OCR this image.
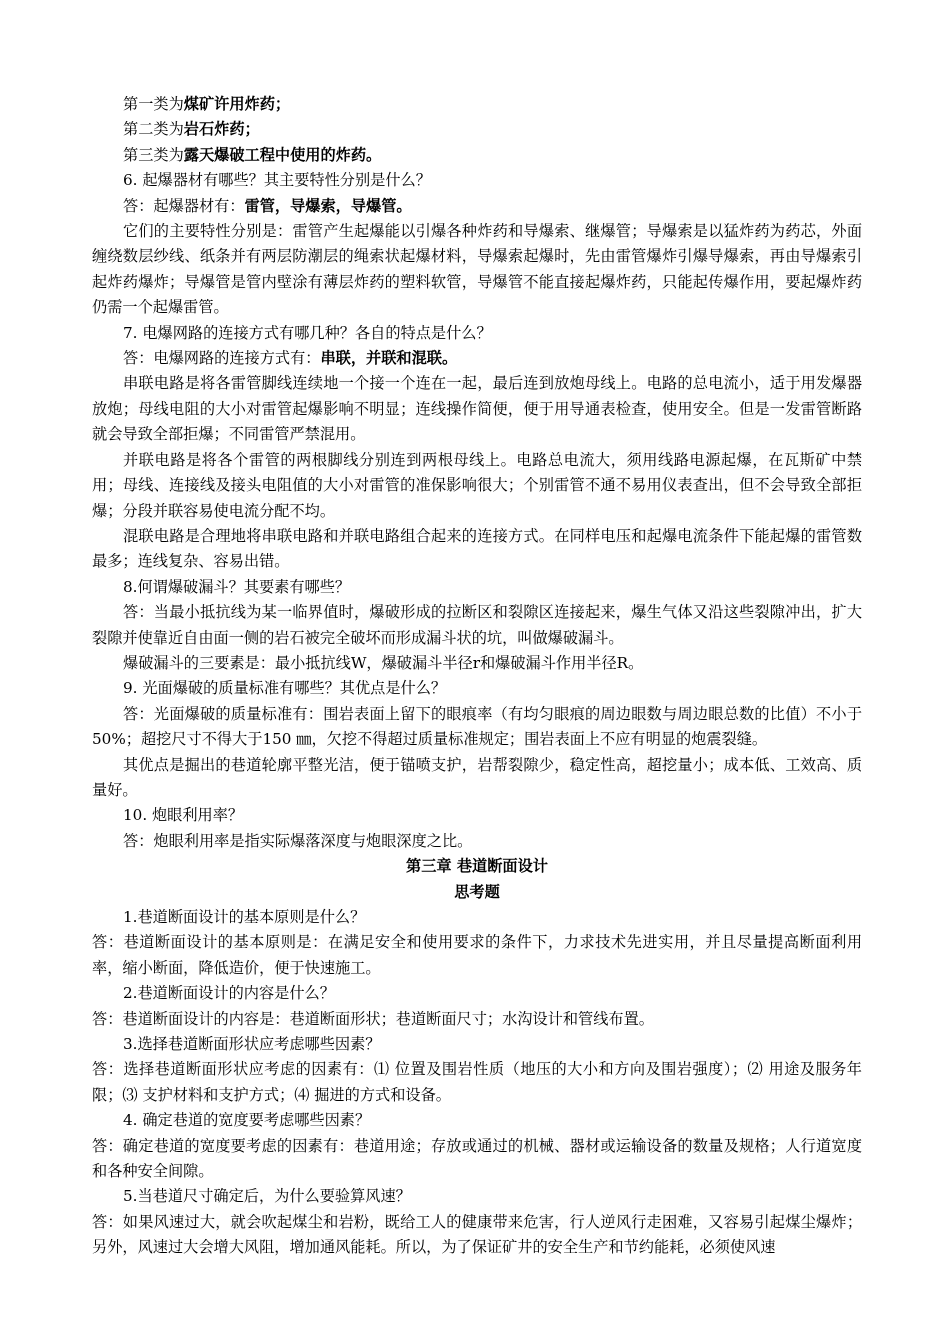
第一类为煤矿许用炸药；

第二类为岩石炸药；

第三类为露天爆破工程中使用的炸药。

6. 起爆器材有哪些？其主要特性分别是什么？

答：起爆器材有：雷管，导爆索，导爆管。

它们的主要特性分别是：雷管产生起爆能以引爆各种炸药和导爆索、继爆管；导爆索是以猛炸药为药芯，外面缠绕数层纱线、纸条并有两层防潮层的绳索状起爆材料，导爆索起爆时，先由雷管爆炸引爆导爆索，再由导爆索引起炸药爆炸；导爆管是管内壁涂有薄层炸药的塑料软管，导爆管不能直接起爆炸药，只能起传爆作用，要起爆炸药仍需一个起爆雷管。

7. 电爆网路的连接方式有哪几种？各自的特点是什么？

答：电爆网路的连接方式有：串联，并联和混联。

串联电路是将各雷管脚线连续地一个接一个连在一起，最后连到放炮母线上。电路的总电流小，适于用发爆器放炮；母线电阻的大小对雷管起爆影响不明显；连线操作简便，便于用导通表检查，使用安全。但是一发雷管断路就会导致全部拒爆；不同雷管严禁混用。

并联电路是将各个雷管的两根脚线分别连到两根母线上。电路总电流大，须用线路电源起爆，在瓦斯矿中禁用；母线、连接线及接头电阻值的大小对雷管的准保影响很大；个别雷管不通不易用仪表查出，但不会导致全部拒爆；分段并联容易使电流分配不均。

混联电路是合理地将串联电路和并联电路组合起来的连接方式。在同样电压和起爆电流条件下能起爆的雷管数最多；连线复杂、容易出错。

8.何谓爆破漏斗？其要素有哪些？

答：当最小抵抗线为某一临界值时，爆破形成的拉断区和裂隙区连接起来，爆生气体又沿这些裂隙冲出，扩大裂隙并使靠近自由面一侧的岩石被完全破坏而形成漏斗状的坑，叫做爆破漏斗。

爆破漏斗的三要素是：最小抵抗线W，爆破漏斗半径r和爆破漏斗作用半径R。

9. 光面爆破的质量标准有哪些？其优点是什么？

答：光面爆破的质量标准有：围岩表面上留下的眼痕率（有均匀眼痕的周边眼数与周边眼总数的比值）不小于50%；超挖尺寸不得大于150 ㎜，欠挖不得超过质量标准规定；围岩表面上不应有明显的炮震裂缝。

其优点是掘出的巷道轮廓平整光洁，便于锚喷支护，岩帮裂隙少，稳定性高，超挖量小；成本低、工效高、质量好。

10. 炮眼利用率？

答：炮眼利用率是指实际爆落深度与炮眼深度之比。

第三章 巷道断面设计

思考题

1.巷道断面设计的基本原则是什么？

答：巷道断面设计的基本原则是：在满足安全和使用要求的条件下，力求技术先进实用，并且尽量提高断面利用率，缩小断面，降低造价，便于快速施工。

2.巷道断面设计的内容是什么？

答：巷道断面设计的内容是：巷道断面形状；巷道断面尺寸；水沟设计和管线布置。

3.选择巷道断面形状应考虑哪些因素？

答：选择巷道断面形状应考虑的因素有：⑴ 位置及围岩性质（地压的大小和方向及围岩强度）；⑵ 用途及服务年限；⑶ 支护材料和支护方式；⑷ 掘进的方式和设备。

4. 确定巷道的宽度要考虑哪些因素？

答：确定巷道的宽度要考虑的因素有：巷道用途；存放或通过的机械、器材或运输设备的数量及规格；人行道宽度和各种安全间隙。

5.当巷道尺寸确定后，为什么要验算风速？

答：如果风速过大，就会吹起煤尘和岩粉，既给工人的健康带来危害，行人逆风行走困难，又容易引起煤尘爆炸；另外，风速过大会增大风阻，增加通风能耗。所以，为了保证矿井的安全生产和节约能耗，必须使风速
